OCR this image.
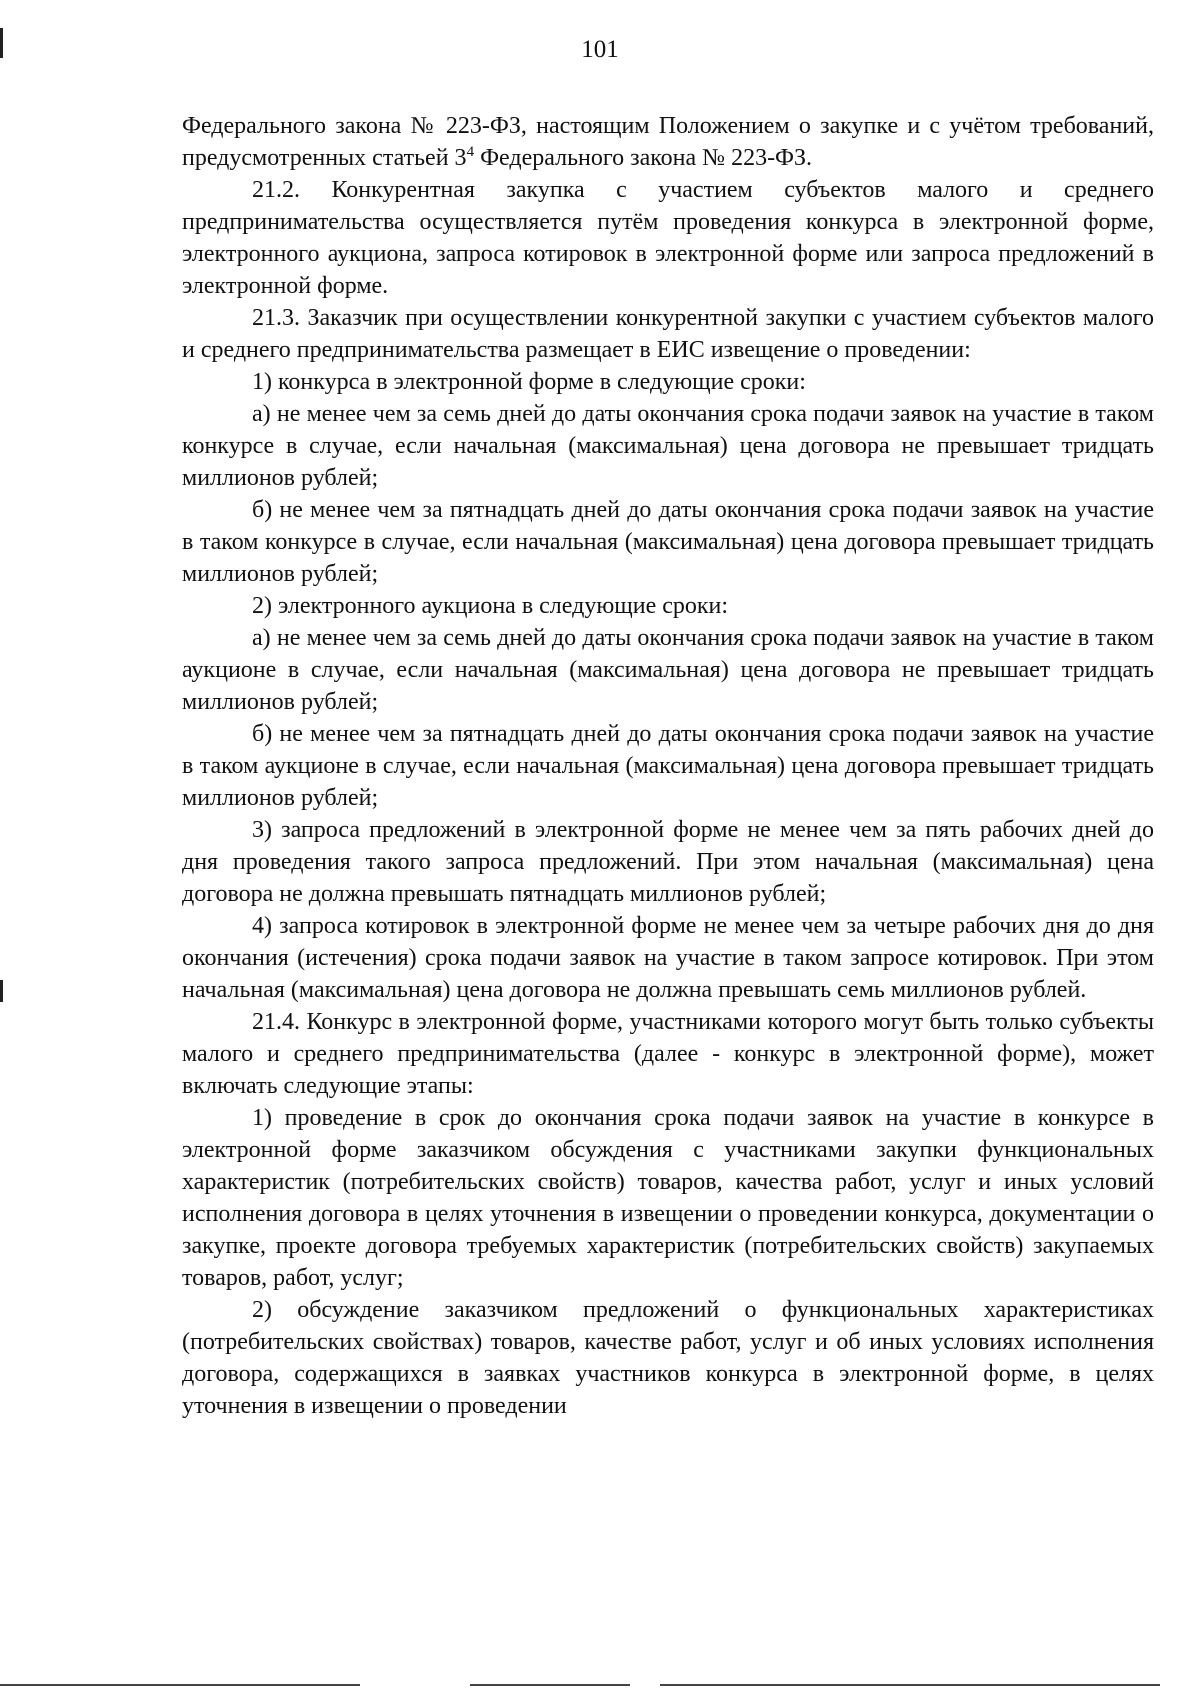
101

Федерального закона № 223-ФЗ, настоящим Положением о закупке и с учётом требований, предусмотренных статьей $3^4$ Федерального закона № 223-ФЗ.

21.2. Конкурентная закупка с участием субъектов малого и среднего предпринимательства осуществляется путём проведения конкурса в электронной форме, электронного аукциона, запроса котировок в электронной форме или запроса предложений в электронной форме.

21.3. Заказчик при осуществлении конкурентной закупки с участием субъектов малого и среднего предпринимательства размещает в ЕИС извещение о проведении:

1) конкурса в электронной форме в следующие сроки:

а) не менее чем за семь дней до даты окончания срока подачи заявок на участие в таком конкурсе в случае, если начальная (максимальная) цена договора не превышает тридцать миллионов рублей;

б) не менее чем за пятнадцать дней до даты окончания срока подачи заявок на участие в таком конкурсе в случае, если начальная (максимальная) цена договора превышает тридцать миллионов рублей;

2) электронного аукциона в следующие сроки:

а) не менее чем за семь дней до даты окончания срока подачи заявок на участие в таком аукционе в случае, если начальная (максимальная) цена договора не превышает тридцать миллионов рублей;

б) не менее чем за пятнадцать дней до даты окончания срока подачи заявок на участие в таком аукционе в случае, если начальная (максимальная) цена договора превышает тридцать миллионов рублей;

3) запроса предложений в электронной форме не менее чем за пять рабочих дней до дня проведения такого запроса предложений. При этом начальная (максимальная) цена договора не должна превышать пятнадцать миллионов рублей;

4) запроса котировок в электронной форме не менее чем за четыре рабочих дня до дня окончания (истечения) срока подачи заявок на участие в таком запросе котировок. При этом начальная (максимальная) цена договора не должна превышать семь миллионов рублей.

21.4. Конкурс в электронной форме, участниками которого могут быть только субъекты малого и среднего предпринимательства (далее - конкурс в электронной форме), может включать следующие этапы:

1) проведение в срок до окончания срока подачи заявок на участие в конкурсе в электронной форме заказчиком обсуждения с участниками закупки функциональных характеристик (потребительских свойств) товаров, качества работ, услуг и иных условий исполнения договора в целях уточнения в извещении о проведении конкурса, документации о закупке, проекте договора требуемых характеристик (потребительских свойств) закупаемых товаров, работ, услуг;

2) обсуждение заказчиком предложений о функциональных характеристиках (потребительских свойствах) товаров, качестве работ, услуг и об иных условиях исполнения договора, содержащихся в заявках участников конкурса в электронной форме, в целях уточнения в извещении о проведении
